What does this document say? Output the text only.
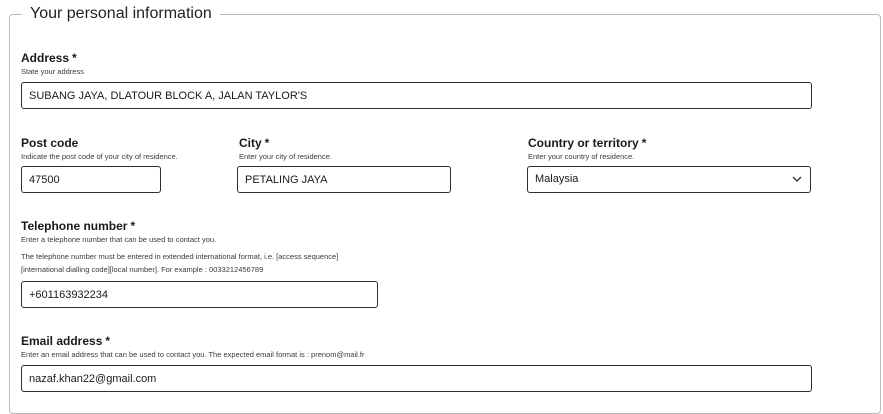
Your personal information
Address *
State your address
SUBANG JAYA, DLATOUR BLOCK A, JALAN TAYLOR'S
Post code
Indicate the post code of your city of residence.
47500
City *
Enter your city of residence.
PETALING JAYA
Country or territory *
Enter your country of residence.
Malaysia
Telephone number *
Enter a telephone number that can be used to contact you.
The telephone number must be entered in extended international format, i.e. [access sequence]
[international dialling code][local number]. For example : 0033212456789
+601163932234
Email address *
Enter an email address that can be used to contact you. The expected email format is : prenom@mail.fr
nazaf.khan22@gmail.com
